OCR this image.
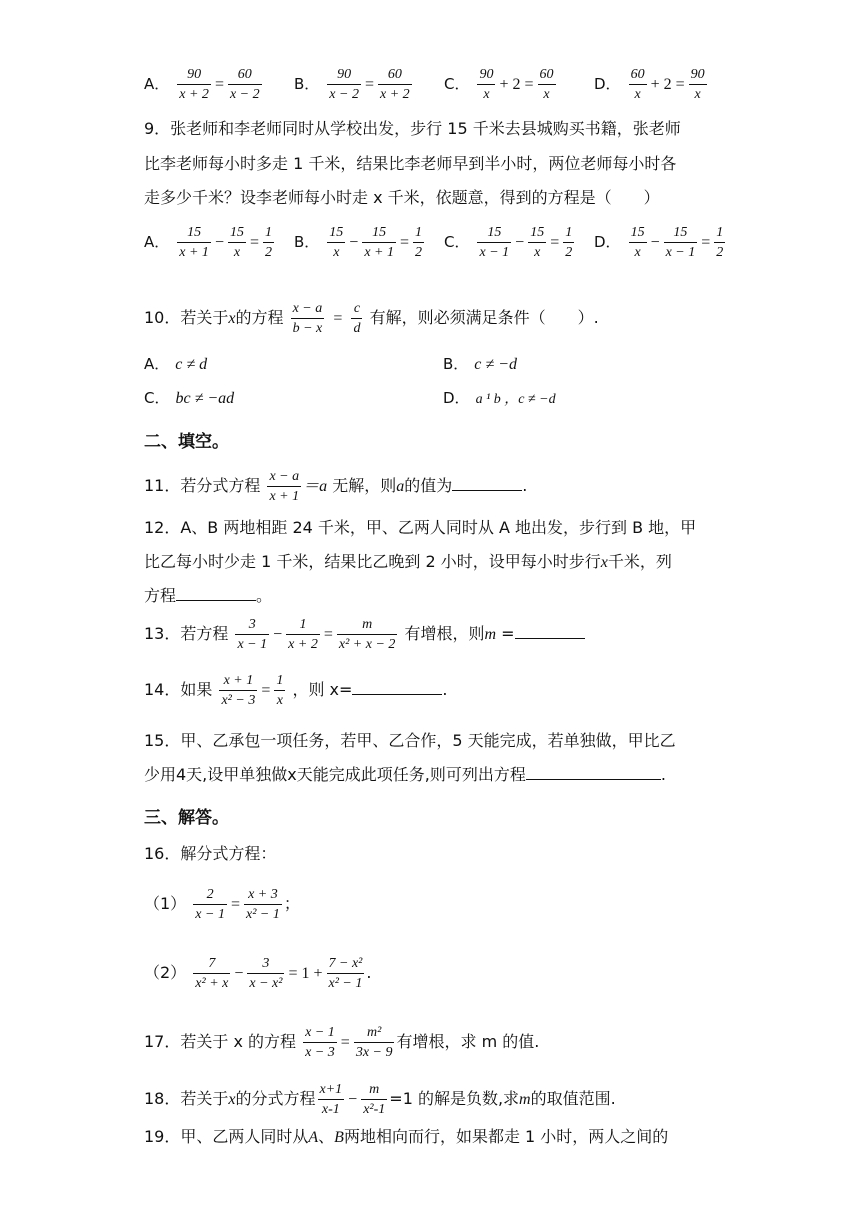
A． $\frac{90}{x + 2} = \frac{60}{x - 2}$ B． $\frac{90}{x - 2} = \frac{60}{x + 2}$ C． $\frac{90}{x} + 2 = \frac{60}{x}$	D． $\frac{60}{x} + 2 = \frac{90}{x}$
9．张老师和李老师同时从学校出发，步行 15 千米去县城购买书籍，张老师
比李老师每小时多走 1 千米，结果比李老师早到半小时，两位老师每小时各
走多少千米？设李老师每小时走 x 千米，依题意，得到的方程是（　　）
A． $\frac{15}{x + 1} - \frac{15}{x} = \frac{1}{2}$ B． $\frac{15}{x} - \frac{15}{x + 1} = \frac{1}{2}$ C． $\frac{15}{x - 1} - \frac{15}{x} = \frac{1}{2}$ D． $\frac{15}{x} - \frac{15}{x - 1} = \frac{1}{2}$
10．若关于x的方程 $\frac{x - a}{b - x} = \frac{c}{d}$ 有解，则必须满足条件（　　）.
A． c ≠ d	B． c ≠ −d
C． bc ≠ −ad	D． a ¹ b ，c ≠ −d
二、填空。
11．若分式方程 $\frac{x - a}{x + 1} =a$ 无解，则a的值为	.
12．A、B 两地相距 24 千米，甲、乙两人同时从 A 地出发，步行到 B 地，甲
比乙每小时少走 1 千米，结果比乙晚到 2 小时，设甲每小时步行x千米，列
方程	。
13．若方程 $\frac{3}{x - 1} - \frac{1}{x + 2} = \frac{m}{\text{x² + x − 2}}$ 有增根，则m =
14．如果 $\frac{x + 1}{\text{x² − 3}} = \frac{1}{x}$ ，则 x=	.
15．甲、乙承包一项任务，若甲、乙合作，5 天能完成，若单独做，甲比乙
少用4天,设甲单独做x天能完成此项任务,则可列出方程	.
三、解答。
16．解分式方程：
$(1) \frac{2}{x - 1} = \frac{x + 3}{\text{x² − 1}}$ ；
$(2) \frac{7}{\text{x² + x}} - \frac{3}{\text{x − x²}} = 1 + \frac{\text{7 − x²}}{\text{x² − 1}}$ .
17．若关于 x 的方程 $\frac{x - 1}{x - 3} = \frac{\text{m²}}{3x - 9}$ 有增根，求 m 的值.
18．若关于x的分式方程 $\frac{x+1}{x-1} - \frac{m}{\text{x²-1}} =1$ 的解是负数,求m的取值范围.
19．甲、乙两人同时从A、B两地相向而行，如果都走 1 小时，两人之间的
